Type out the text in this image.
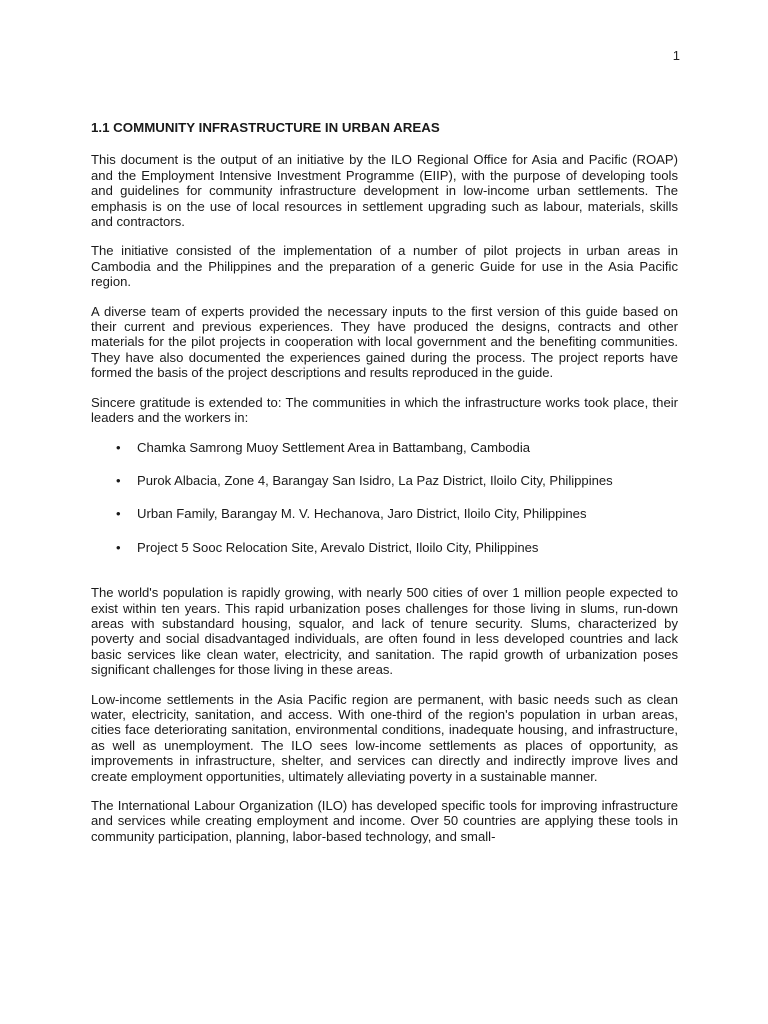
1
1.1 COMMUNITY INFRASTRUCTURE IN URBAN AREAS

This document is the output of an initiative by the ILO Regional Office for Asia and Pacific (ROAP) and the Employment Intensive Investment Programme (EIIP), with the purpose of developing tools and guidelines for community infrastructure development in low-income urban settlements. The emphasis is on the use of local resources in settlement upgrading such as labour, materials, skills and contractors.

The initiative consisted of the implementation of a number of pilot projects in urban areas in Cambodia and the Philippines and the preparation of a generic Guide for use in the Asia Pacific region.

A diverse team of experts provided the necessary inputs to the first version of this guide based on their current and previous experiences. They have produced the designs, contracts and other materials for the pilot projects in cooperation with local government and the benefiting communities. They have also documented the experiences gained during the process. The project reports have formed the basis of the project descriptions and results reproduced in the guide.

Sincere gratitude is extended to: The communities in which the infrastructure works took place, their leaders and the workers in:

• Chamka Samrong Muoy Settlement Area in Battambang, Cambodia
• Purok Albacia, Zone 4, Barangay San Isidro, La Paz District, Iloilo City, Philippines
• Urban Family, Barangay M. V. Hechanova, Jaro District, Iloilo City, Philippines
• Project 5 Sooc Relocation Site, Arevalo District, Iloilo City, Philippines

The world's population is rapidly growing, with nearly 500 cities of over 1 million people expected to exist within ten years. This rapid urbanization poses challenges for those living in slums, run-down areas with substandard housing, squalor, and lack of tenure security. Slums, characterized by poverty and social disadvantaged individuals, are often found in less developed countries and lack basic services like clean water, electricity, and sanitation. The rapid growth of urbanization poses significant challenges for those living in these areas.

Low-income settlements in the Asia Pacific region are permanent, with basic needs such as clean water, electricity, sanitation, and access. With one-third of the region's population in urban areas, cities face deteriorating sanitation, environmental conditions, inadequate housing, and infrastructure, as well as unemployment. The ILO sees low-income settlements as places of opportunity, as improvements in infrastructure, shelter, and services can directly and indirectly improve lives and create employment opportunities, ultimately alleviating poverty in a sustainable manner.

The International Labour Organization (ILO) has developed specific tools for improving infrastructure and services while creating employment and income. Over 50 countries are applying these tools in community participation, planning, labor-based technology, and small-
